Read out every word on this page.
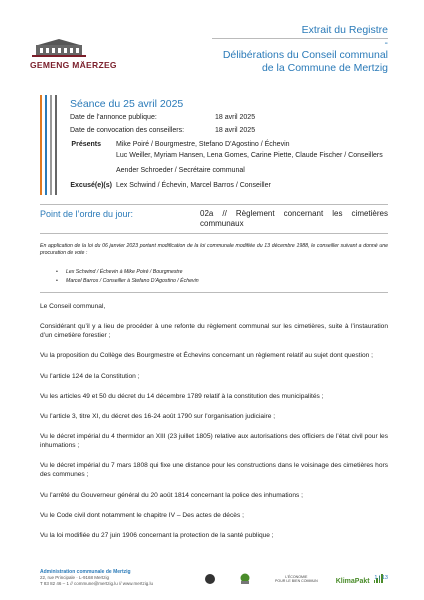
GEMENG MÄERZEG
Extrait du Registre
-
Délibérations du Conseil communal
de la Commune de Mertzig
Séance du 25 avril 2025
Date de l’annonce publique:	18 avril 2025
Date de convocation des conseillers:	18 avril 2025
Présents	Mike Poiré / Bourgmestre, Stefano D’Agostino / Échevin
Luc Weiller, Myriam Hansen, Lena Gomes, Carine Piette, Claude Fischer / Conseillers
Aender Schroeder / Secrétaire communal
Excusé(e)(s) Lex Schwind / Échevin, Marcel Barros / Conseiller
Point de l’ordre du jour:	02a // Règlement concernant les cimetières communaux
En application de la loi du 06 janvier 2023 portant modification de la loi communale modifiée du 13 décembre 1988, le conseiller suivant a donné une procuration de vote :
• Lex Schwind / Échevin à Mike Poiré / Bourgmestre
• Marcel Barros / Conseiller à Stefano D’Agostino / Échevin

Le Conseil communal,

Considérant qu’il y a lieu de procéder à une refonte du règlement communal sur les cimetières, suite à l’instauration d’un cimetière forestier ;

Vu la proposition du Collège des Bourgmestre et Échevins concernant un règlement relatif au sujet dont question ;

Vu l’article 124 de la Constitution ;

Vu les articles 49 et 50 du décret du 14 décembre 1789 relatif à la constitution des municipalités ;

Vu l’article 3, titre XI, du décret des 16-24 août 1790 sur l’organisation judiciaire ;

Vu le décret impérial du 4 thermidor an XIII (23 juillet 1805) relative aux autorisations des officiers de l’état civil pour les inhumations ;

Vu le décret impérial du 7 mars 1808 qui fixe une distance pour les constructions dans le voisinage des cimetières hors des communes ;

Vu l’arrêté du Gouverneur général du 20 août 1814 concernant la police des inhumations ;

Vu le Code civil dont notamment le chapitre IV – Des actes de décès ;

Vu la loi modifiée du 27 juin 1906 concernant la protection de la santé publique ;

Administration communale de Mertzig
22, rue Principale · L-9168 Mertzig
T 83 82 46 – 1 // commune@mertzig.lu // www.mertzig.lu
L’ÉCONOMIE
POUR LE BIEN COMMUN	KlimaPakt 1 | 13
